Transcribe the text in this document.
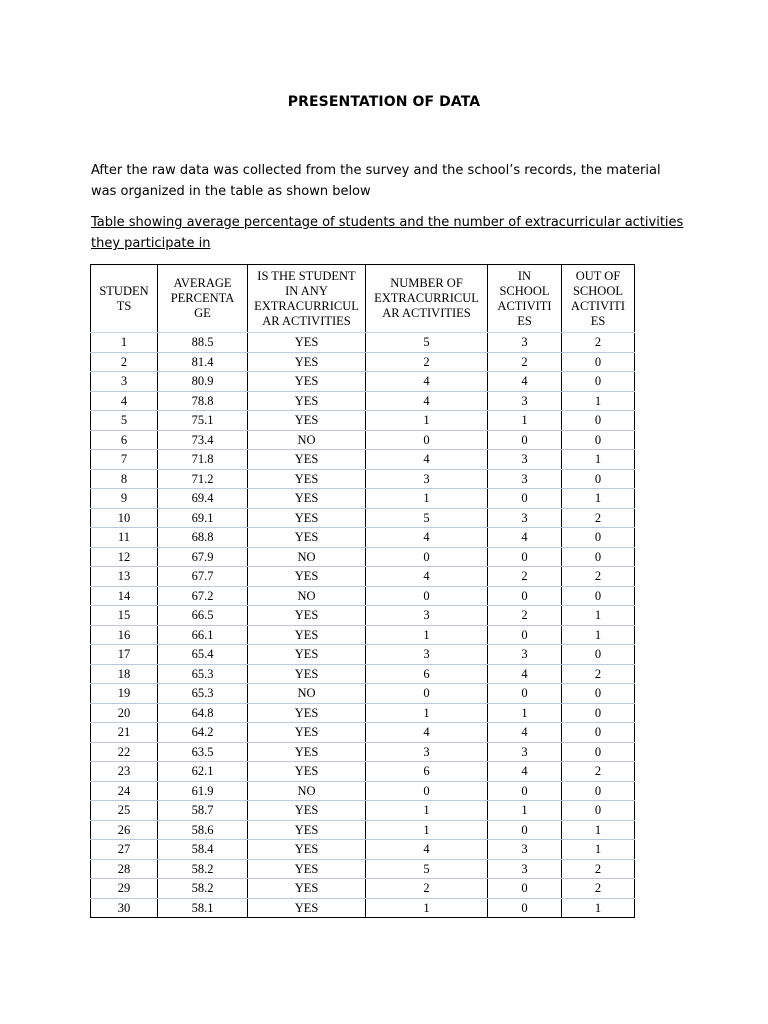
PRESENTATION OF DATA
After the raw data was collected from the survey and the school’s records, the material was organized in the table as shown below
Table showing average percentage of students and the number of extracurricular activities they participate in
STUDEN TS	AVERAGE PERCENTA GE	IS THE STUDENT IN ANY EXTRACURRICUL AR ACTIVITIES	NUMBER OF EXTRACURRICUL AR ACTIVITIES	IN SCHOOL ACTIVITI ES	OUT OF SCHOOL ACTIVITI ES
1	88.5	YES	5	3	2
2	81.4	YES	2	2	0
3	80.9	YES	4	4	0
4	78.8	YES	4	3	1
5	75.1	YES	1	1	0
6	73.4	NO	0	0	0
7	71.8	YES	4	3	1
8	71.2	YES	3	3	0
9	69.4	YES	1	0	1
10	69.1	YES	5	3	2
11	68.8	YES	4	4	0
12	67.9	NO	0	0	0
13	67.7	YES	4	2	2
14	67.2	NO	0	0	0
15	66.5	YES	3	2	1
16	66.1	YES	1	0	1
17	65.4	YES	3	3	0
18	65.3	YES	6	4	2
19	65.3	NO	0	0	0
20	64.8	YES	1	1	0
21	64.2	YES	4	4	0
22	63.5	YES	3	3	0
23	62.1	YES	6	4	2
24	61.9	NO	0	0	0
25	58.7	YES	1	1	0
26	58.6	YES	1	0	1
27	58.4	YES	4	3	1
28	58.2	YES	5	3	2
29	58.2	YES	2	0	2
30	58.1	YES	1	0	1
